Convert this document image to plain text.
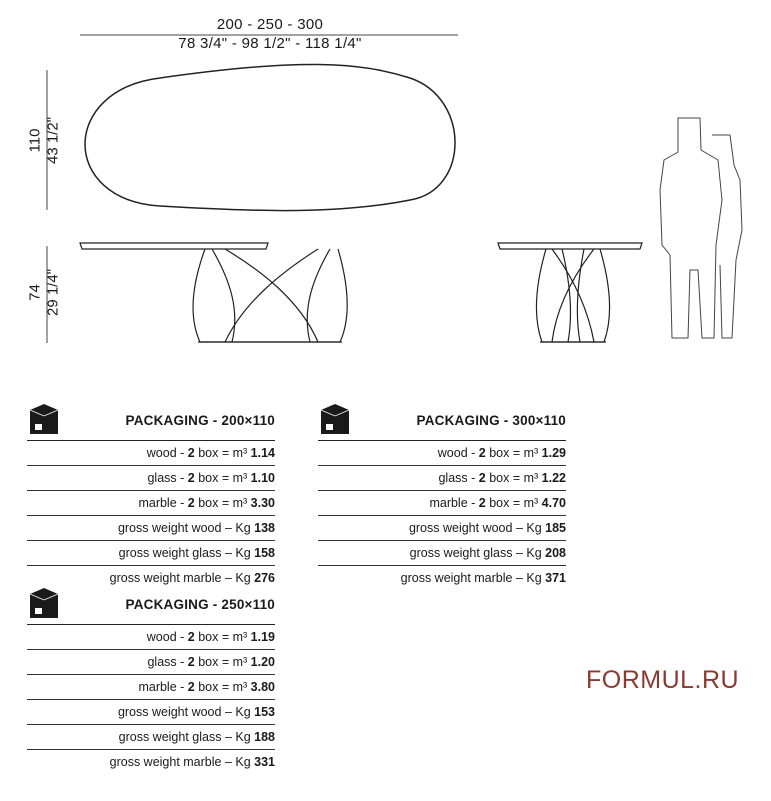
200 - 250 - 300
78 3/4" - 98 1/2" - 118 1/4"
110 43 1/2"
74 29 1/4"
PACKAGING - 200×110
wood - 2 box = m³ 1.14
glass - 2 box = m³ 1.10
marble - 2 box = m³ 3.30
gross weight wood – Kg 138
gross weight glass – Kg 158
gross weight marble – Kg 276
PACKAGING - 250×110
wood - 2 box = m³ 1.19
glass - 2 box = m³ 1.20
marble - 2 box = m³ 3.80
gross weight wood – Kg 153
gross weight glass – Kg 188
gross weight marble – Kg 331
PACKAGING - 300×110
wood - 2 box = m³ 1.29
glass - 2 box = m³ 1.22
marble - 2 box = m³ 4.70
gross weight wood – Kg 185
gross weight glass – Kg 208
gross weight marble – Kg 371
FORMUL.RU
